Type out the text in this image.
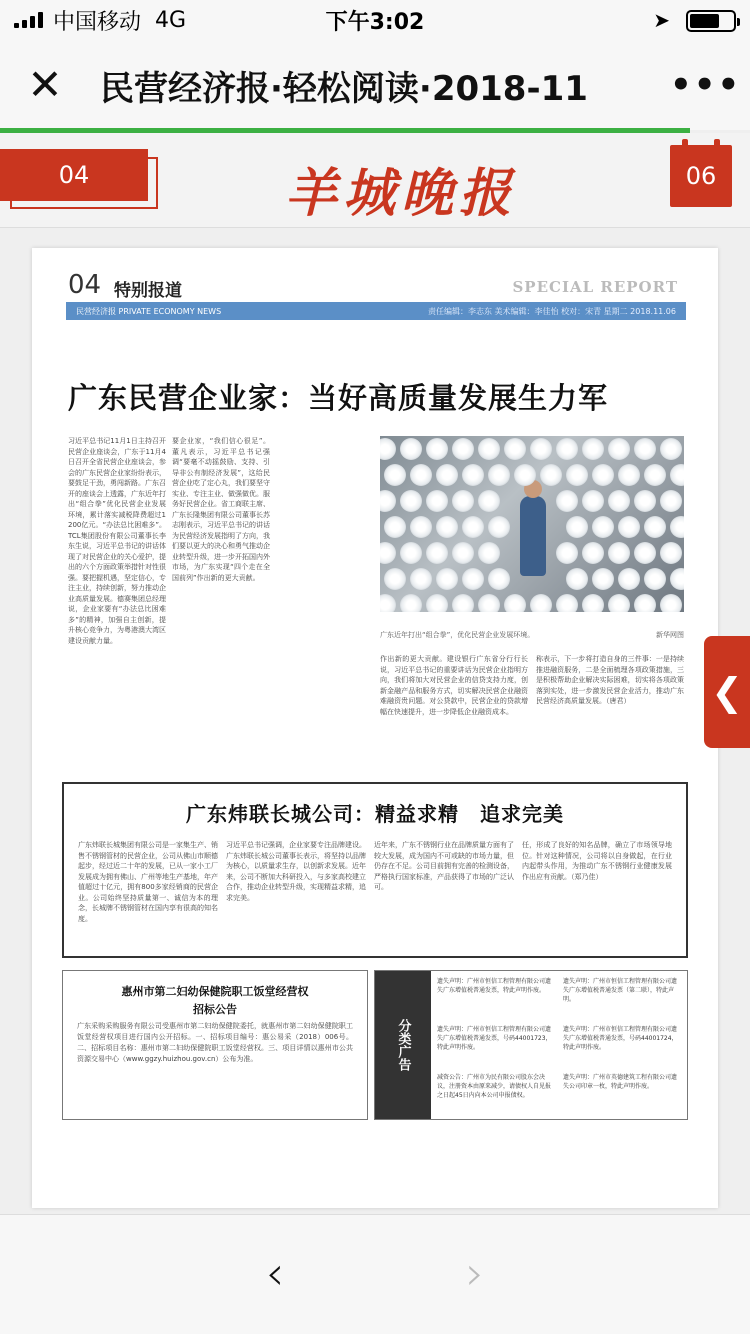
中国移动 4G	下午3:02	➤
✕	民营经济报·轻松阅读·2018-11	•••
04	羊城晚报	06
04 特别报道	SPECIAL REPORT
民营经济报 PRIVATE ECONOMY NEWS	责任编辑：李志东 美术编辑：李佳怡 校对：宋青 星期二 2018.11.06
广东民营企业家：当好高质量发展生力军
习近平总书记11月1日主持召开民营企业座谈会，广东于11月4日召开全省民营企业座谈会，参会的广东民营企业家纷纷表示，要鼓足干劲，勇闯新路。广东召开的座谈会上透露，广东近年打出“组合拳”优化民营企业发展环境，累计落实减税降费超过1200亿元。“办法总比困难多”。TCL集团股份有限公司董事长李东生说，习近平总书记的讲话体现了对民营企业的关心爱护，提出的六个方面政策举措针对性很强。要把握机遇，坚定信心，专注主业，持续创新，努力推动企业高质量发展。德赛集团总经理说，企业家要有“办法总比困难多”的精神，加强自主创新，提升核心竞争力，为粤港澳大湾区建设贡献力量。
要企业家，“我们信心很足”。董凡表示，习近平总书记强调“要毫不动摇鼓励、支持、引导非公有制经济发展”，这给民营企业吃了定心丸，我们要坚守实业、专注主业、做强做优。服务好民营企业。省工商联主席、广东长隆集团有限公司董事长苏志刚表示，习近平总书记的讲话为民营经济发展指明了方向，我们要以更大的决心和勇气推动企业转型升级，进一步开拓国内外市场，为广东实现“四个走在全国前列”作出新的更大贡献。
广东近年打出“组合拳”，优化民营企业发展环境。	新华网图
作出新的更大贡献。建设银行广东省分行行长说，习近平总书记的重要讲话为民营企业指明方向，我们将加大对民营企业的信贷支持力度，创新金融产品和服务方式，切实解决民营企业融资难融资贵问题。对公贷款中，民营企业的贷款增幅在快速提升，进一步降低企业融资成本。
称表示，下一步将打造自身的三件事：一是持续推进融资服务，二是全面梳理各项政策措施，三是积极帮助企业解决实际困难，切实将各项政策落到实处，进一步激发民营企业活力，推动广东民营经济高质量发展。（唐君）
广东炜联长城公司：精益求精　追求完美
广东炜联长城集团有限公司是一家集生产、销售不锈钢管材的民营企业，公司从佛山市顺德起步，经过近二十年的发展，已从一家小工厂发展成为拥有佛山、广州等地生产基地，年产值超过十亿元，拥有800多家经销商的民营企业。公司始终坚持质量第一、诚信为本的理念，长城牌不锈钢管材在国内享有很高的知名度。
习近平总书记强调，企业家要专注品牌建设。广东炜联长城公司董事长表示，将坚持以品牌为核心，以质量求生存，以创新求发展。近年来，公司不断加大科研投入，与多家高校建立合作，推动企业转型升级，实现精益求精，追求完美。
近年来，广东不锈钢行业在品牌质量方面有了较大发展，成为国内不可或缺的市场力量，但仍存在不足。公司目前拥有完善的检测设备，严格执行国家标准，产品获得了市场的广泛认可。
任，形成了良好的知名品牌，确立了市场领导地位。针对这种情况，公司将以自身做起，在行业内起带头作用，为推动广东不锈钢行业健康发展作出应有贡献。（郑乃佳）
惠州市第二妇幼保健院职工饭堂经营权
招标公告
广东采购采购服务有限公司受惠州市第二妇幼保健院委托，就惠州市第二妇幼保健院职工饭堂经营权项目进行国内公开招标。一、招标项目编号：惠公易采（2018）006号。二、招标项目名称：惠州市第二妇幼保健院职工饭堂经营权。三、项目详情以惠州市公共资源交易中心（www.ggzy.huizhou.gov.cn）公布为准。	分类广告
遗失声明：广州市恒信工程管理有限公司遗失广东增值税普通发票，特此声明作废。
遗失声明：广州市恒信工程管理有限公司遗失广东增值税普通发票（第二联），特此声明。
遗失声明：广州市恒信工程管理有限公司遗失广东增值税普通发票，号码44001723，特此声明作废。
遗失声明：广州市恒信工程管理有限公司遗失广东增值税普通发票，号码44001724，特此声明作废。
减资公告：广州市为民有限公司股东会决议，注册资本由原来减少，请债权人自见报之日起45日内向本公司申报债权。
遗失声明：广州市英德建筑工程有限公司遗失公司印章一枚，特此声明作废。
❮
‹	›
